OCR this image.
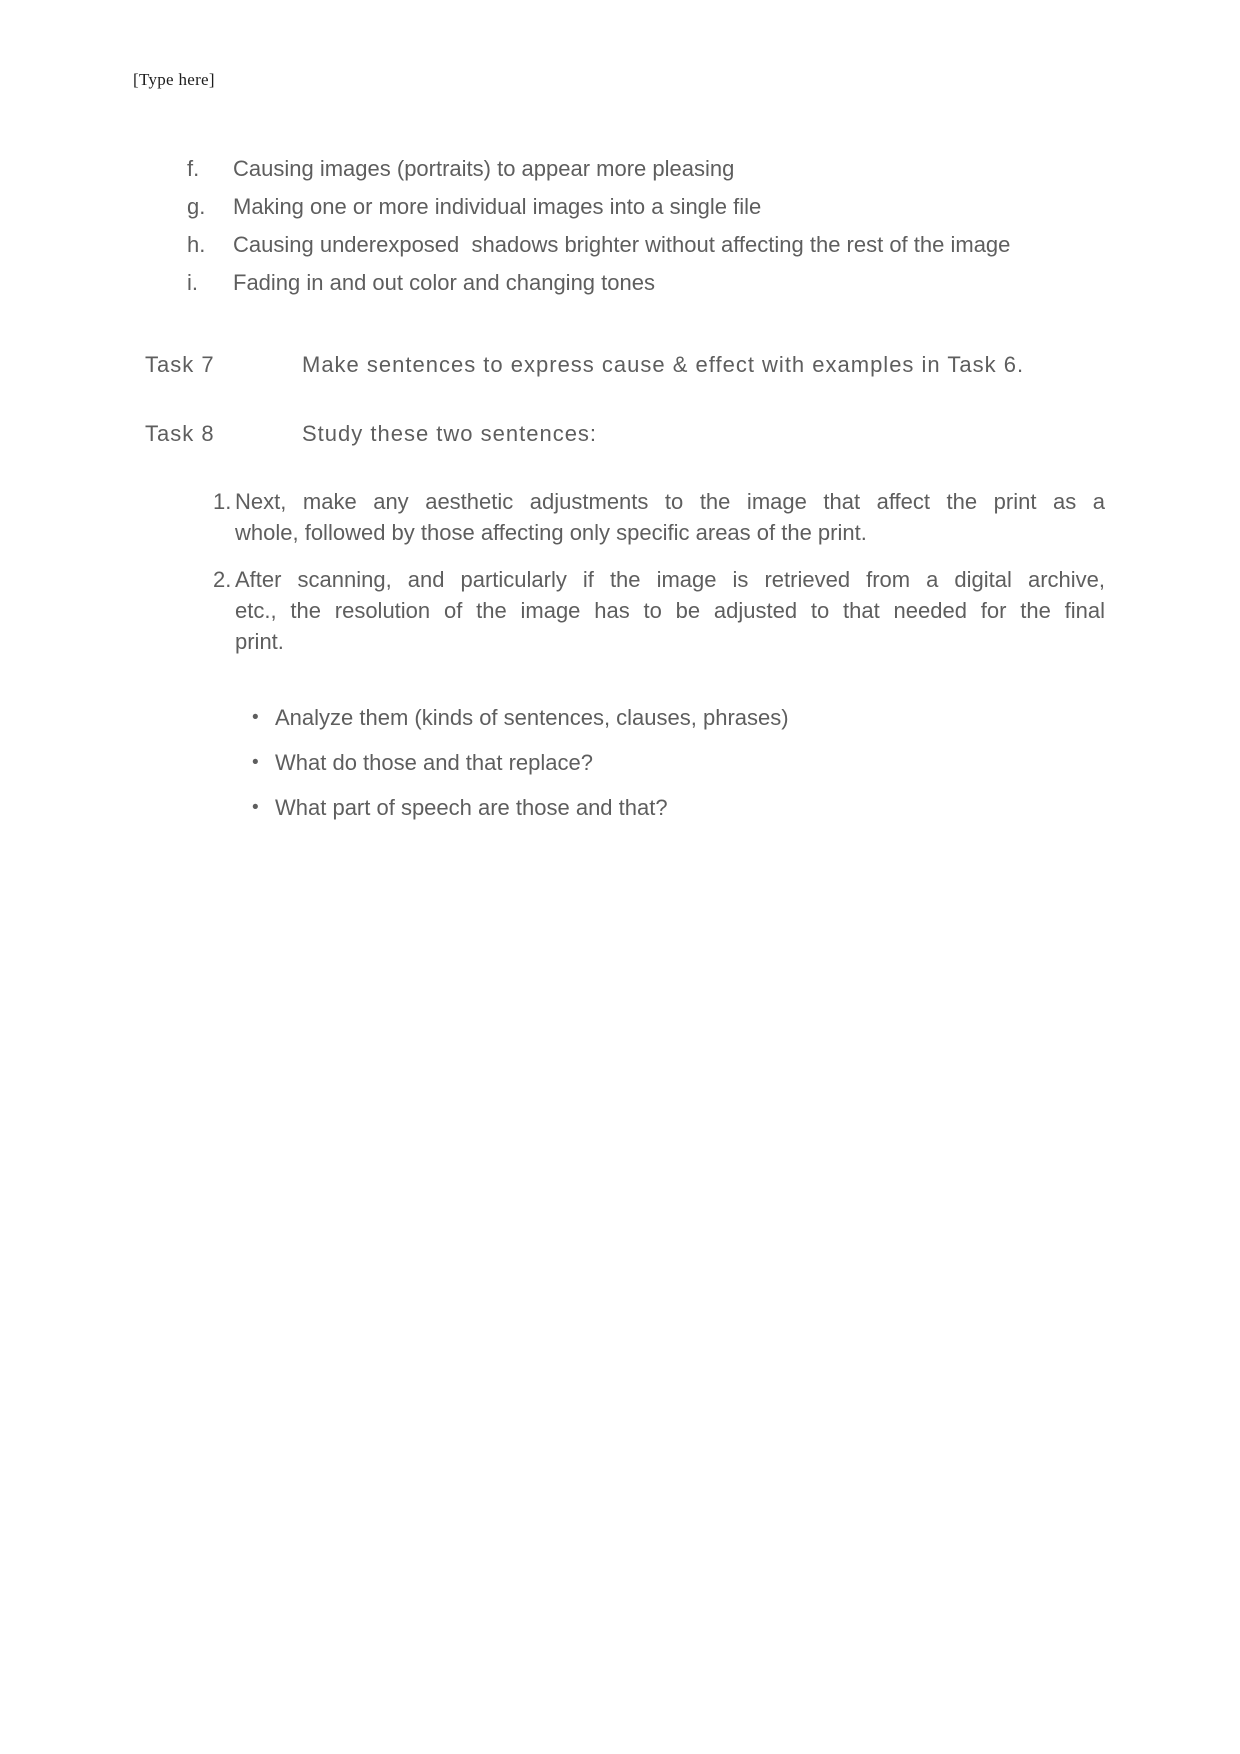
[Type here]
f.	Causing images (portraits) to appear more pleasing
g.	Making one or more individual images into a single file
h.	Causing underexposed  shadows brighter without affecting the rest of the image
i.	Fading in and out color and changing tones
Task 7	Make sentences to express cause & effect with examples in Task 6.
Task 8	Study these two sentences:
1. Next, make any aesthetic adjustments to the image that affect the print as a
whole, followed by those affecting only specific areas of the print.
2. After scanning, and particularly if the image is retrieved from a digital archive,
etc., the resolution of the image has to be adjusted to that needed for the final
print.
• Analyze them (kinds of sentences, clauses, phrases)
• What do those and that replace?
• What part of speech are those and that?
